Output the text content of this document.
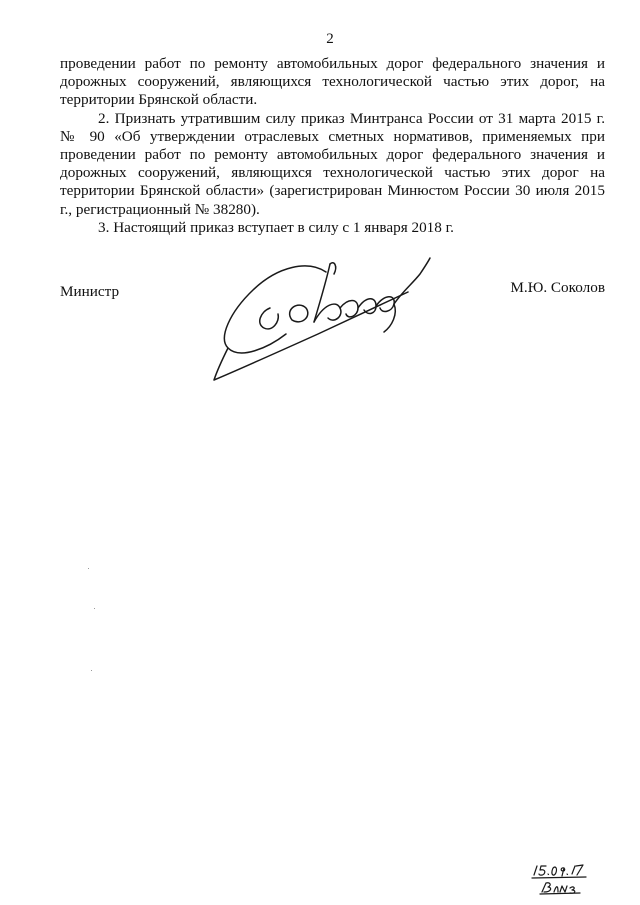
2

проведении работ по ремонту автомобильных дорог федерального значения и дорожных сооружений, являющихся технологической частью этих дорог, на территории Брянской области.

2. Признать утратившим силу приказ Минтранса России от 31 марта 2015 г. № 90 «Об утверждении отраслевых сметных нормативов, применяемых при проведении работ по ремонту автомобильных дорог федерального значения и дорожных сооружений, являющихся технологической частью этих дорог на территории Брянской области» (зарегистрирован Минюстом России 30 июля 2015 г., регистрационный № 38280).

3. Настоящий приказ вступает в силу с 1 января 2018 г.

Министр	М.Ю. Соколов
